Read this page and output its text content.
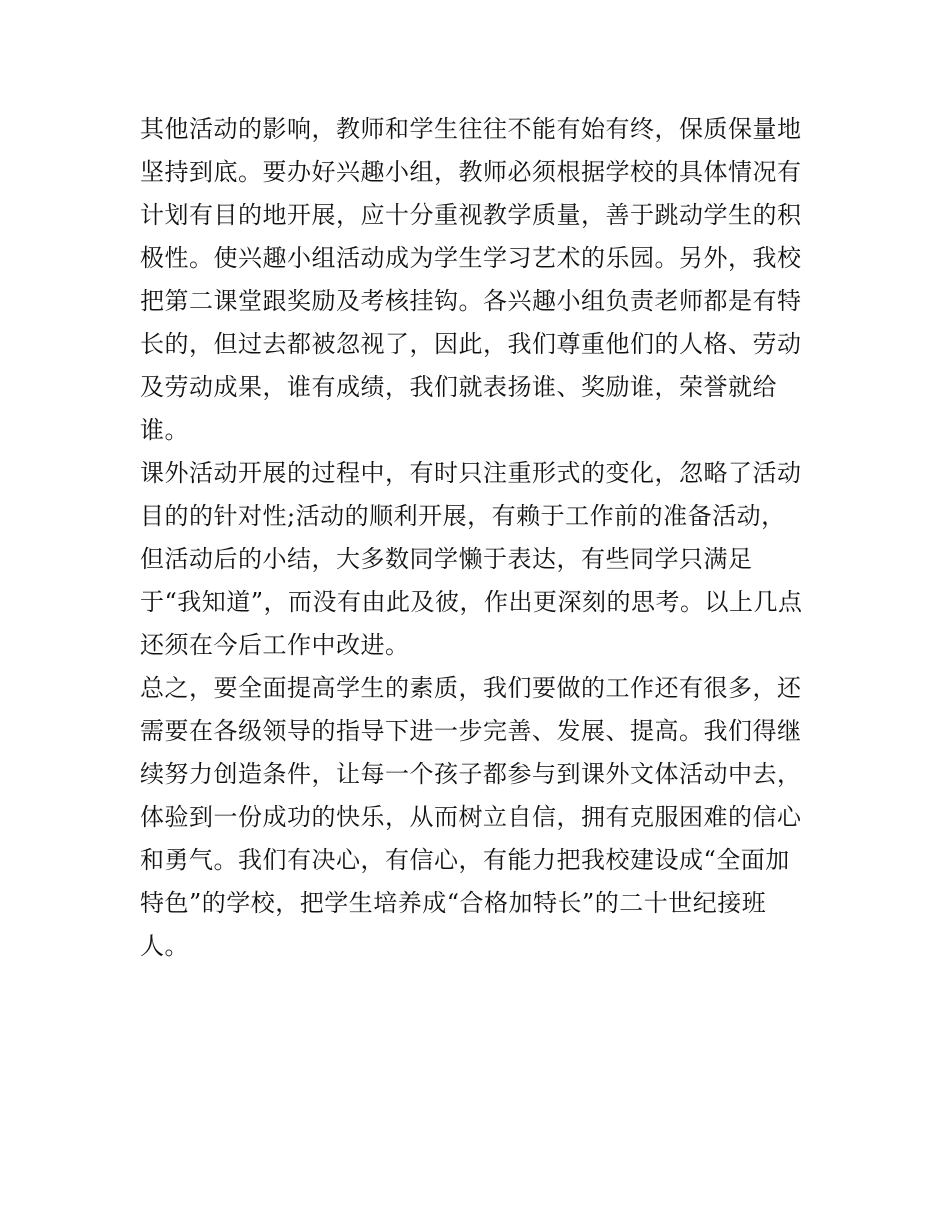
其他活动的影响，教师和学生往往不能有始有终，保质保量地
坚持到底。要办好兴趣小组，教师必须根据学校的具体情况有
计划有目的地开展，应十分重视教学质量，善于跳动学生的积
极性。使兴趣小组活动成为学生学习艺术的乐园。另外，我校
把第二课堂跟奖励及考核挂钩。各兴趣小组负责老师都是有特
长的，但过去都被忽视了，因此，我们尊重他们的人格、劳动
及劳动成果，谁有成绩，我们就表扬谁、奖励谁，荣誉就给
谁。
课外活动开展的过程中，有时只注重形式的变化，忽略了活动
目的的针对性;活动的顺利开展，有赖于工作前的准备活动，
但活动后的小结，大多数同学懒于表达，有些同学只满足
于“我知道”，而没有由此及彼，作出更深刻的思考。以上几点
还须在今后工作中改进。
总之，要全面提高学生的素质，我们要做的工作还有很多，还
需要在各级领导的指导下进一步完善、发展、提高。我们得继
续努力创造条件，让每一个孩子都参与到课外文体活动中去，
体验到一份成功的快乐，从而树立自信，拥有克服困难的信心
和勇气。我们有决心，有信心，有能力把我校建设成“全面加
特色”的学校，把学生培养成“合格加特长”的二十世纪接班
人。
